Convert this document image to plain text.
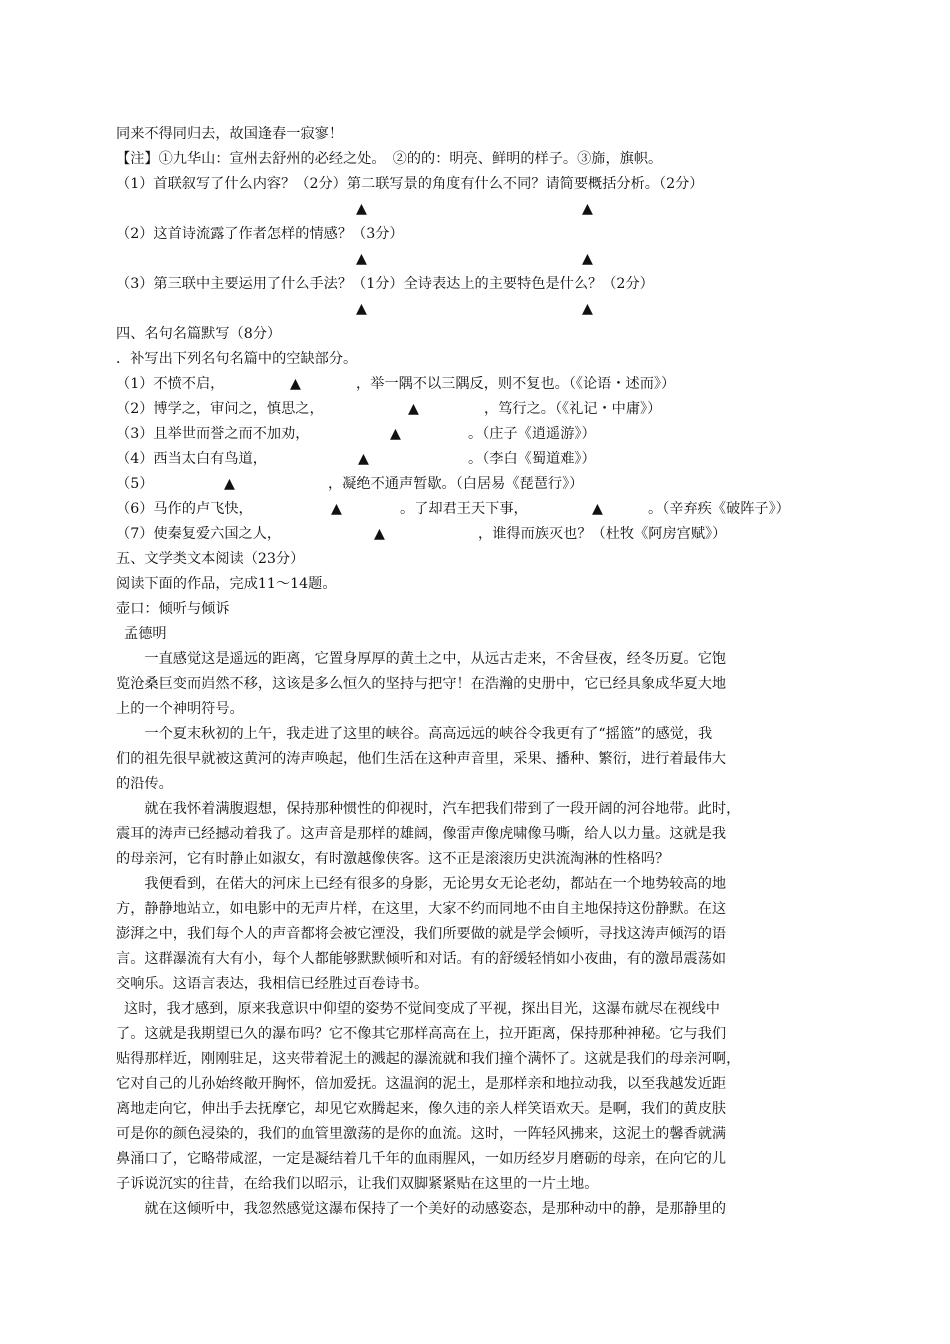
同来不得同归去，故国逢春一寂寥！
【注】①九华山：宣州去舒州的必经之处。　②的的：明亮、鲜明的样子。③旆，旗帜。
（1）首联叙写了什么内容？（2分）第二联写景的角度有什么不同？请简要概括分析。（2分）
▲	▲
（2）这首诗流露了作者怎样的情感？（3分）
▲	▲
（3）第三联中主要运用了什么手法？（1分）全诗表达上的主要特色是什么？（2分）
▲	▲
四、名句名篇默写（8分）
．补写出下列名句名篇中的空缺部分。
（1）不愤不启，	▲	，举一隅不以三隅反，则不复也。（《论语・述而》）
（2）博学之，审问之，慎思之，	▲	，笃行之。（《礼记・中庸》）
（3）且举世而誉之而不加劝，	▲	。（庄子《逍遥游》）
（4）西当太白有鸟道，	▲	。（李白《蜀道难》）
（5）	▲	，凝绝不通声暂歇。（白居易《琵琶行》）
（6）马作的卢飞快，	▲	。了却君王天下事，	▲	。（辛弃疾《破阵子》）
（7）使秦复爱六国之人，	▲	，谁得而族灭也？（杜牧《阿房宫赋》）
五、文学类文本阅读（23分）
阅读下面的作品，完成11～14题。
壶口：倾听与倾诉
孟德明
一直感觉这是遥远的距离，它置身厚厚的黄土之中，从远古走来，不舍昼夜，经冬历夏。它饱
览沧桑巨变而岿然不移，这该是多么恒久的坚持与把守！在浩瀚的史册中，它已经具象成华夏大地
上的一个神明符号。
一个夏末秋初的上午，我走进了这里的峡谷。高高远远的峡谷令我更有了“摇篮”的感觉，我
们的祖先很早就被这黄河的涛声唤起，他们生活在这种声音里，采果、播种、繁衍，进行着最伟大
的沿传。
就在我怀着满腹遐想，保持那种惯性的仰视时，汽车把我们带到了一段开阔的河谷地带。此时，
震耳的涛声已经撼动着我了。这声音是那样的雄阔，像雷声像虎啸像马嘶，给人以力量。这就是我
的母亲河，它有时静止如淑女，有时激越像侠客。这不正是滚滚历史洪流淘淋的性格吗？
我便看到，在偌大的河床上已经有很多的身影，无论男女无论老幼，都站在一个地势较高的地
方，静静地站立，如电影中的无声片样，在这里，大家不约而同地不由自主地保持这份静默。在这
澎湃之中，我们每个人的声音都将会被它湮没，我们所要做的就是学会倾听，寻找这涛声倾泻的语
言。这群瀑流有大有小，每个人都能够默默倾听和对话。有的舒缓轻悄如小夜曲，有的激昂震荡如
交响乐。这语言表达，我相信已经胜过百卷诗书。
这时，我才感到，原来我意识中仰望的姿势不觉间变成了平视，探出目光，这瀑布就尽在视线中
了。这就是我期望已久的瀑布吗？它不像其它那样高高在上，拉开距离，保持那种神秘。它与我们
贴得那样近，刚刚驻足，这夹带着泥土的溅起的瀑流就和我们撞个满怀了。这就是我们的母亲河啊，
它对自己的儿孙始终敞开胸怀，倍加爱抚。这温润的泥土，是那样亲和地拉动我，以至我越发近距
离地走向它，伸出手去抚摩它，却见它欢腾起来，像久违的亲人样笑语欢天。是啊，我们的黄皮肤
可是你的颜色浸染的，我们的血管里激荡的是你的血流。这时，一阵轻风拂来，这泥土的馨香就满
鼻涌口了，它略带咸涩，一定是凝结着几千年的血雨腥风，一如历经岁月磨砺的母亲，在向它的儿
子诉说沉实的往昔，在给我们以昭示，让我们双脚紧紧贴在这里的一片土地。
就在这倾听中，我忽然感觉这瀑布保持了一个美好的动感姿态，是那种动中的静，是那静里的
